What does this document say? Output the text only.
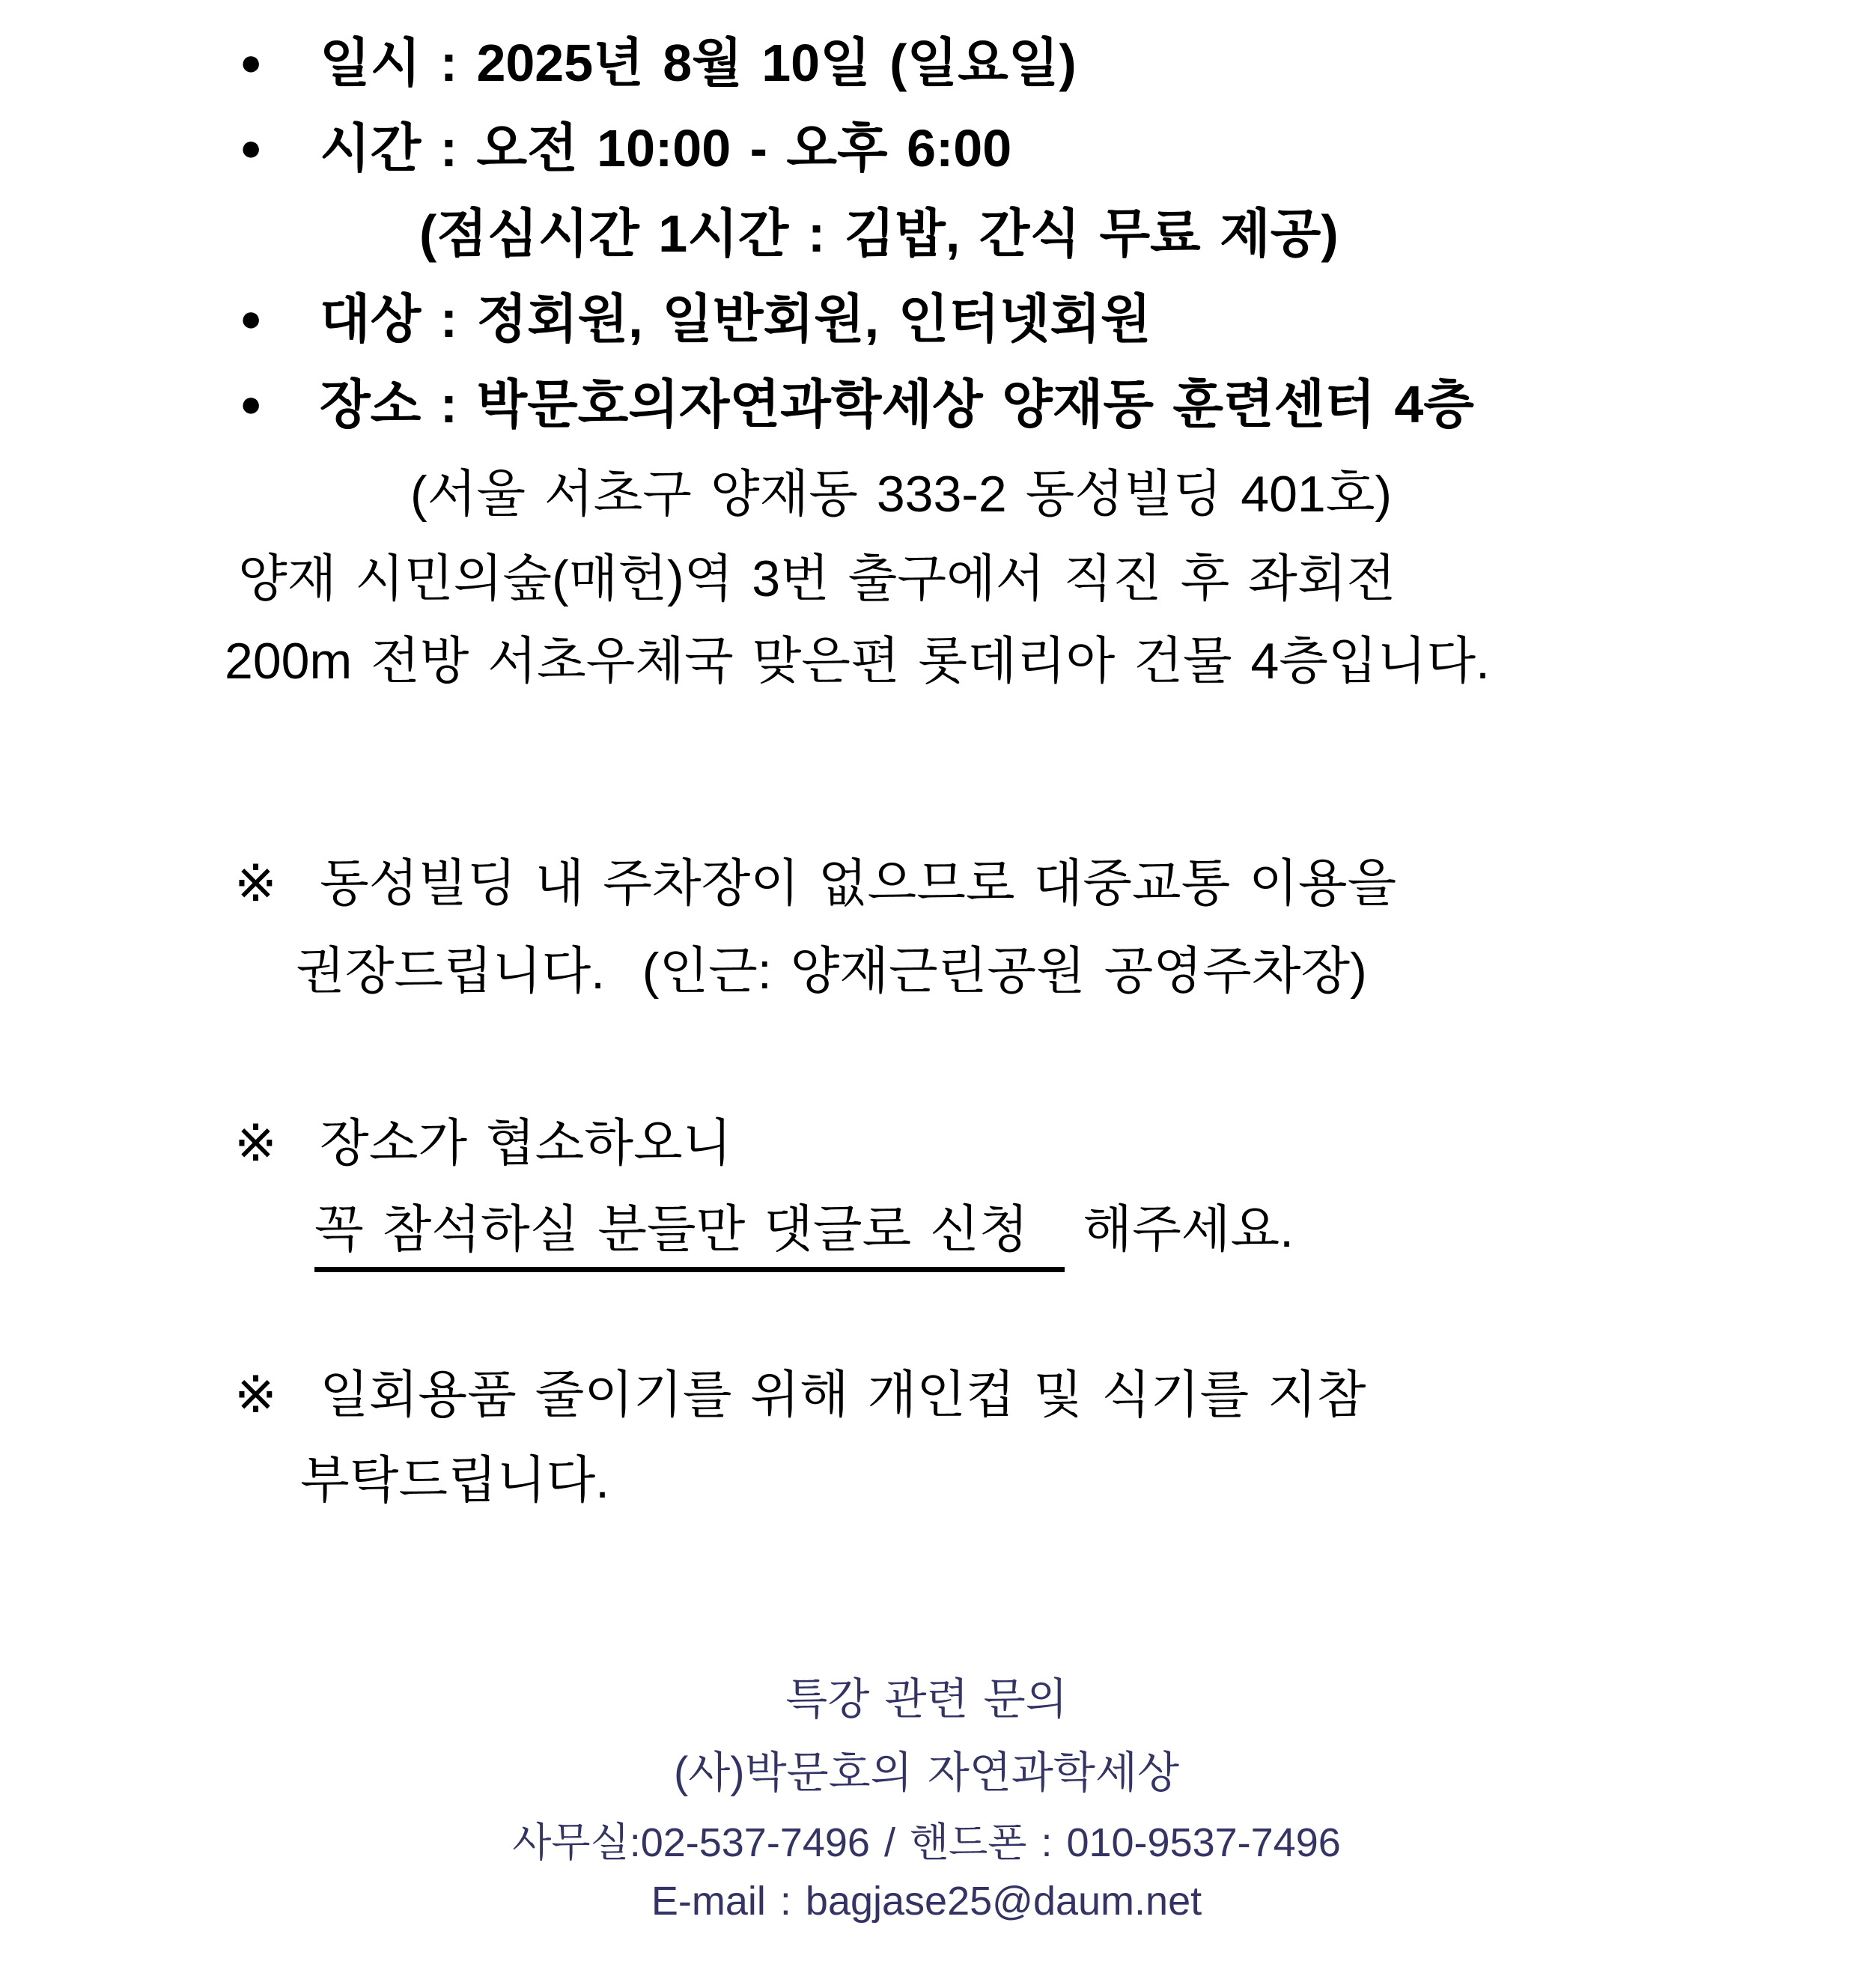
● 일시 : 2025년 8월 10일 (일요일)
● 시간 : 오전 10:00 - 오후 6:00
(점심시간 1시간 : 김밥, 간식 무료 제공)
● 대상 : 정회원, 일반회원, 인터넷회원
● 장소 : 박문호의자연과학세상 양재동 훈련센터 4층
(서울 서초구 양재동 333-2 동성빌딩 401호)
양재 시민의숲(매헌)역 3번 출구에서 직진 후 좌회전
200m 전방 서초우체국 맞은편 롯데리아 건물 4층입니다.
※ 동성빌딩 내 주차장이 없으므로 대중교통 이용을
권장드립니다.  (인근: 양재근린공원 공영주차장)
※ 장소가 협소하오니
꼭 참석하실 분들만 댓글로 신청 해주세요.
※ 일회용품 줄이기를 위해 개인컵 및 식기를 지참
부탁드립니다.
특강 관련 문의
(사)박문호의 자연과학세상
사무실:02-537-7496 / 핸드폰 : 010-9537-7496
E-mail : bagjase25@daum.net
